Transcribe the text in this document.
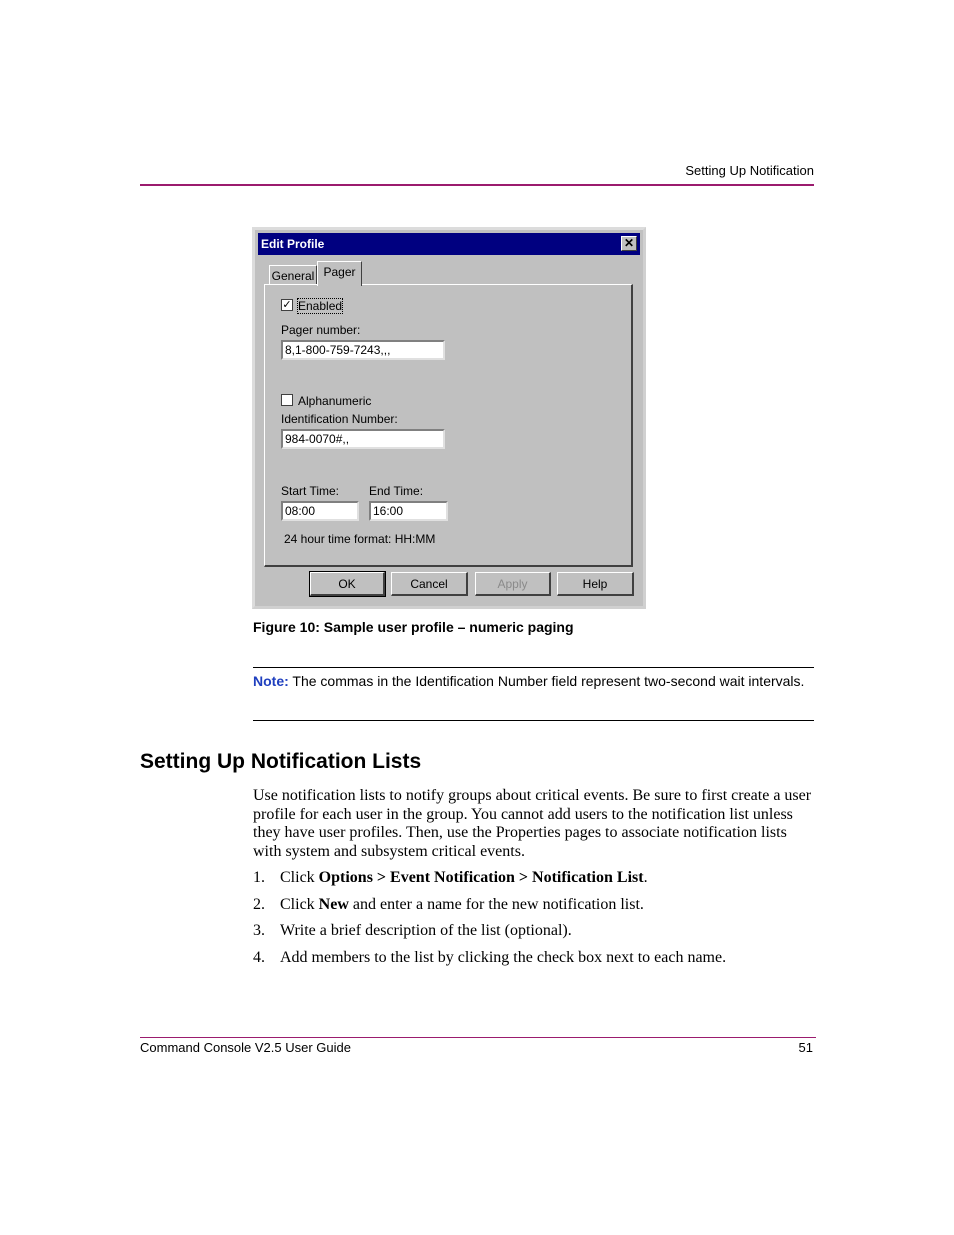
Setting Up Notification
Edit Profile	✕
General
✓ Enabled
Pager number:
8,1-800-759-7243,,,
Alphanumeric
Identification Number:
984-0070#,,
Start Time:
08:00
End Time:
16:00
24 hour time format: HH:MM
Pager
OK	Cancel	Apply	Help
Figure 10: Sample user profile – numeric paging
Note: The commas in the Identification Number field represent two-second wait intervals.
Setting Up Notification Lists
Use notification lists to notify groups about critical events. Be sure to first create a user profile for each user in the group. You cannot add users to the notification list unless they have user profiles. Then, use the Properties pages to associate notification lists with system and subsystem critical events.
1. Click Options > Event Notification > Notification List.
2. Click New and enter a name for the new notification list.
3. Write a brief description of the list (optional).
4. Add members to the list by clicking the check box next to each name.
Command Console V2.5 User Guide	51
